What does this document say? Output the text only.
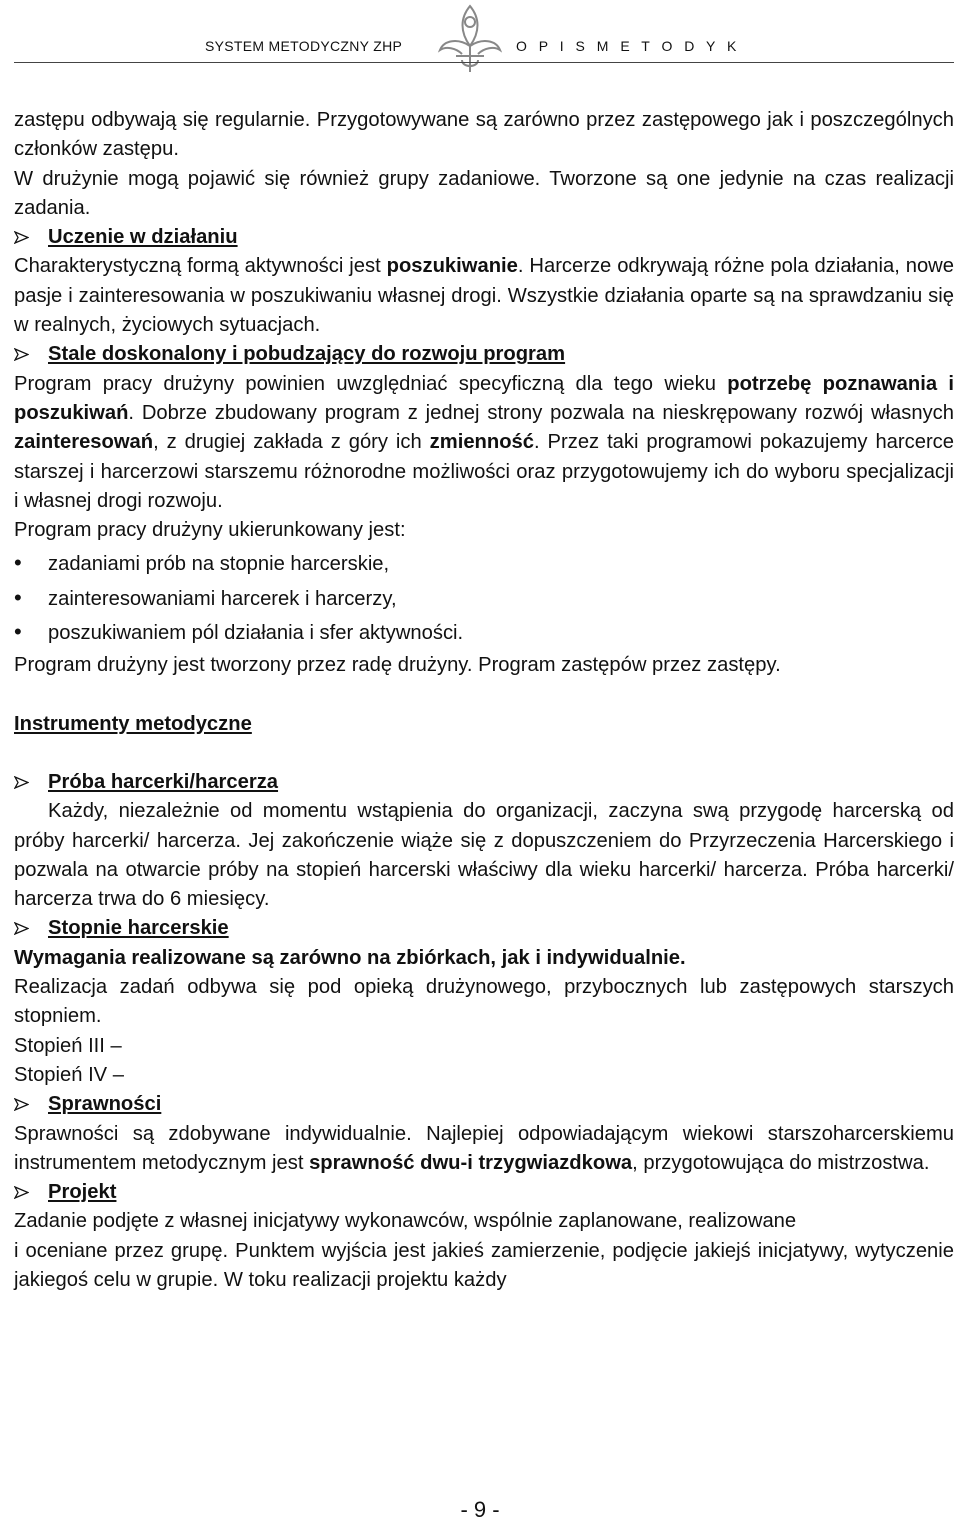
SYSTEM METODYCZNY ZHP	O P I S M E T O D Y K

zastępu odbywają się regularnie. Przygotowywane są zarówno przez zastępowego jak i poszczególnych członków zastępu.

W drużynie mogą pojawić się również grupy zadaniowe. Tworzone są one jedynie na czas realizacji zadania.

Uczenie w działaniu

Charakterystyczną formą aktywności jest poszukiwanie. Harcerze odkrywają różne pola działania, nowe pasje i zainteresowania w poszukiwaniu własnej drogi. Wszystkie działania oparte są na sprawdzaniu się w realnych, życiowych sytuacjach.

Stale doskonalony i pobudzający do rozwoju program

Program pracy drużyny powinien uwzględniać specyficzną dla tego wieku potrzebę poznawania i poszukiwań. Dobrze zbudowany program z jednej strony pozwala na nieskrępowany rozwój własnych zainteresowań, z drugiej zakłada z góry ich zmienność. Przez taki programowi pokazujemy harcerce starszej i harcerzowi starszemu różnorodne możliwości oraz przygotowujemy ich do wyboru specjalizacji i własnej drogi rozwoju.

Program pracy drużyny ukierunkowany jest:

•	zadaniami prób na stopnie harcerskie,
•	zainteresowaniami harcerek i harcerzy,
•	poszukiwaniem pól działania i sfer aktywności.

Program drużyny jest tworzony przez radę drużyny. Program zastępów przez zastępy.

Instrumenty metodyczne

Próba harcerki/harcerza

Każdy, niezależnie od momentu wstąpienia do organizacji, zaczyna swą przygodę harcerską od próby harcerki/ harcerza. Jej zakończenie wiąże się z dopuszczeniem do Przyrzeczenia Harcerskiego i pozwala na otwarcie próby na stopień harcerski właściwy dla wieku harcerki/ harcerza. Próba harcerki/ harcerza trwa do 6 miesięcy.

Stopnie harcerskie

Wymagania realizowane są zarówno na zbiórkach, jak i indywidualnie.

Realizacja zadań odbywa się pod opieką drużynowego, przybocznych lub zastępowych starszych stopniem.

Stopień III –

Stopień IV –

Sprawności

Sprawności są zdobywane indywidualnie. Najlepiej odpowiadającym wiekowi starszoharcerskiemu instrumentem metodycznym jest sprawność dwu-i trzygwiazdkowa, przygotowująca do mistrzostwa.

Projekt

Zadanie podjęte z własnej inicjatywy wykonawców, wspólnie zaplanowane, realizowane

i oceniane przez grupę. Punktem wyjścia jest jakieś zamierzenie, podjęcie jakiejś inicjatywy, wytyczenie jakiegoś celu w grupie. W toku realizacji projektu każdy

- 9 -
